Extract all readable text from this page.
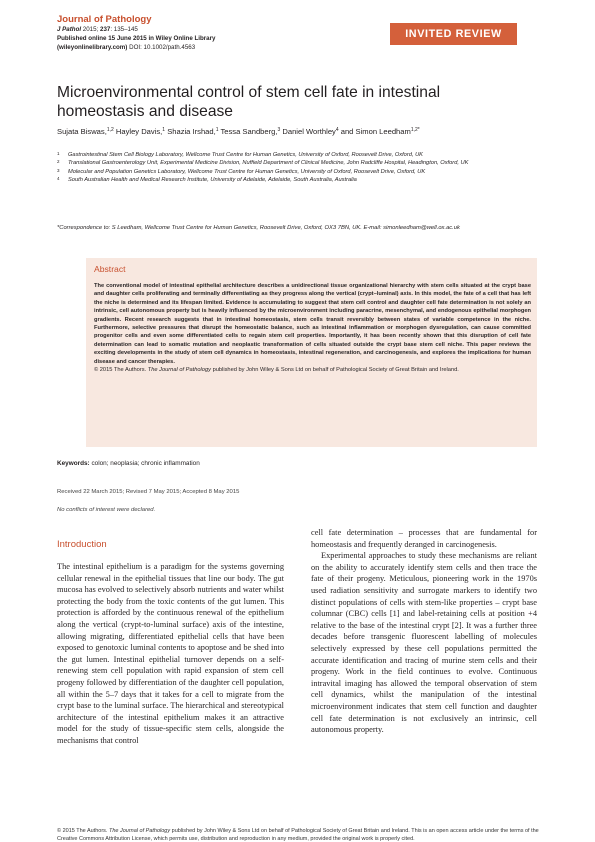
Journal of Pathology
J Pathol 2015; 237: 135–145
Published online 15 June 2015 in Wiley Online Library
(wileyonlinelibrary.com) DOI: 10.1002/path.4563
INVITED REVIEW
Microenvironmental control of stem cell fate in intestinal homeostasis and disease
Sujata Biswas,$^{1,2}$ Hayley Davis,$^1$ Shazia Irshad,$^1$ Tessa Sandberg,$^3$ Daniel Worthley$^4$ and Simon Leedham$^{1,2*}$
1 Gastrointestinal Stem Cell Biology Laboratory, Wellcome Trust Centre for Human Genetics, University of Oxford, Roosevelt Drive, Oxford, UK
2 Translational Gastroenterology Unit, Experimental Medicine Division, Nuffield Department of Clinical Medicine, John Radcliffe Hospital, Headington, Oxford, UK
3 Molecular and Population Genetics Laboratory, Wellcome Trust Centre for Human Genetics, University of Oxford, Roosevelt Drive, Oxford, UK
4 South Australian Health and Medical Research Institute, University of Adelaide, Adelaide, South Australia, Australia
*Correspondence to: S Leedham, Wellcome Trust Centre for Human Genetics, Roosevelt Drive, Oxford, OX3 7BN, UK. E-mail: simonleedham@well.ox.ac.uk
Abstract
The conventional model of intestinal epithelial architecture describes a unidirectional tissue organizational hierarchy with stem cells situated at the crypt base and daughter cells proliferating and terminally differentiating as they progress along the vertical (crypt–luminal) axis. In this model, the fate of a cell that has left the niche is determined and its lifespan limited. Evidence is accumulating to suggest that stem cell control and daughter cell fate determination is not solely an intrinsic, cell autonomous property but is heavily influenced by the microenvironment including paracrine, mesenchymal, and endogenous epithelial morphogen gradients. Recent research suggests that in intestinal homeostasis, stem cells transit reversibly between states of variable competence in the niche. Furthermore, selective pressures that disrupt the homeostatic balance, such as intestinal inflammation or morphogen dysregulation, can cause committed progenitor cells and even some differentiated cells to regain stem cell properties. Importantly, it has been recently shown that this disruption of cell fate determination can lead to somatic mutation and neoplastic transformation of cells situated outside the crypt base stem cell niche. This paper reviews the exciting developments in the study of stem cell dynamics in homeostasis, intestinal regeneration, and carcinogenesis, and explores the implications for human disease and cancer therapies.
© 2015 The Authors. The Journal of Pathology published by John Wiley & Sons Ltd on behalf of Pathological Society of Great Britain and Ireland.
Keywords: colon; neoplasia; chronic inflammation
Received 22 March 2015; Revised 7 May 2015; Accepted 8 May 2015
No conflicts of interest were declared.
Introduction

The intestinal epithelium is a paradigm for the systems governing cellular renewal in the epithelial tissues that line our body. The gut mucosa has evolved to selectively absorb nutrients and water whilst protecting the body from the toxic contents of the gut lumen. This protection is afforded by the continuous renewal of the epithelium along the vertical (crypt-to-luminal surface) axis of the intestine, allowing migrating, differentiated epithelial cells that have been exposed to genotoxic luminal contents to apoptose and be shed into the gut lumen. Intestinal epithelial turnover depends on a self-renewing stem cell population with rapid expansion of stem cell progeny followed by differentiation of the daughter cell population, all within the 5–7 days that it takes for a cell to migrate from the crypt base to the luminal surface. The hierarchical and stereotypical architecture of the intestinal epithelium makes it an attractive model for the study of tissue-specific stem cells, alongside the mechanisms that control

cell fate determination – processes that are fundamental for homeostasis and frequently deranged in carcinogenesis.

Experimental approaches to study these mechanisms are reliant on the ability to accurately identify stem cells and then trace the fate of their progeny. Meticulous, pioneering work in the 1970s used radiation sensitivity and surrogate markers to identify two distinct populations of cells with stem-like properties – crypt base columnar (CBC) cells [1] and label-retaining cells at position +4 relative to the base of the intestinal crypt [2]. It was a further three decades before transgenic fluorescent labelling of molecules selectively expressed by these cell populations permitted the accurate identification and tracing of murine stem cells and their progeny. Work in the field continues to evolve. Continuous intravital imaging has allowed the temporal observation of stem cell dynamics, whilst the manipulation of the intestinal microenvironment indicates that stem cell function and daughter cell fate determination is not exclusively an intrinsic, cell autonomous property.

© 2015 The Authors. The Journal of Pathology published by John Wiley & Sons Ltd on behalf of Pathological Society of Great Britain and Ireland. This is an open access article under the terms of the Creative Commons Attribution License, which permits use, distribution and reproduction in any medium, provided the original work is properly cited.
